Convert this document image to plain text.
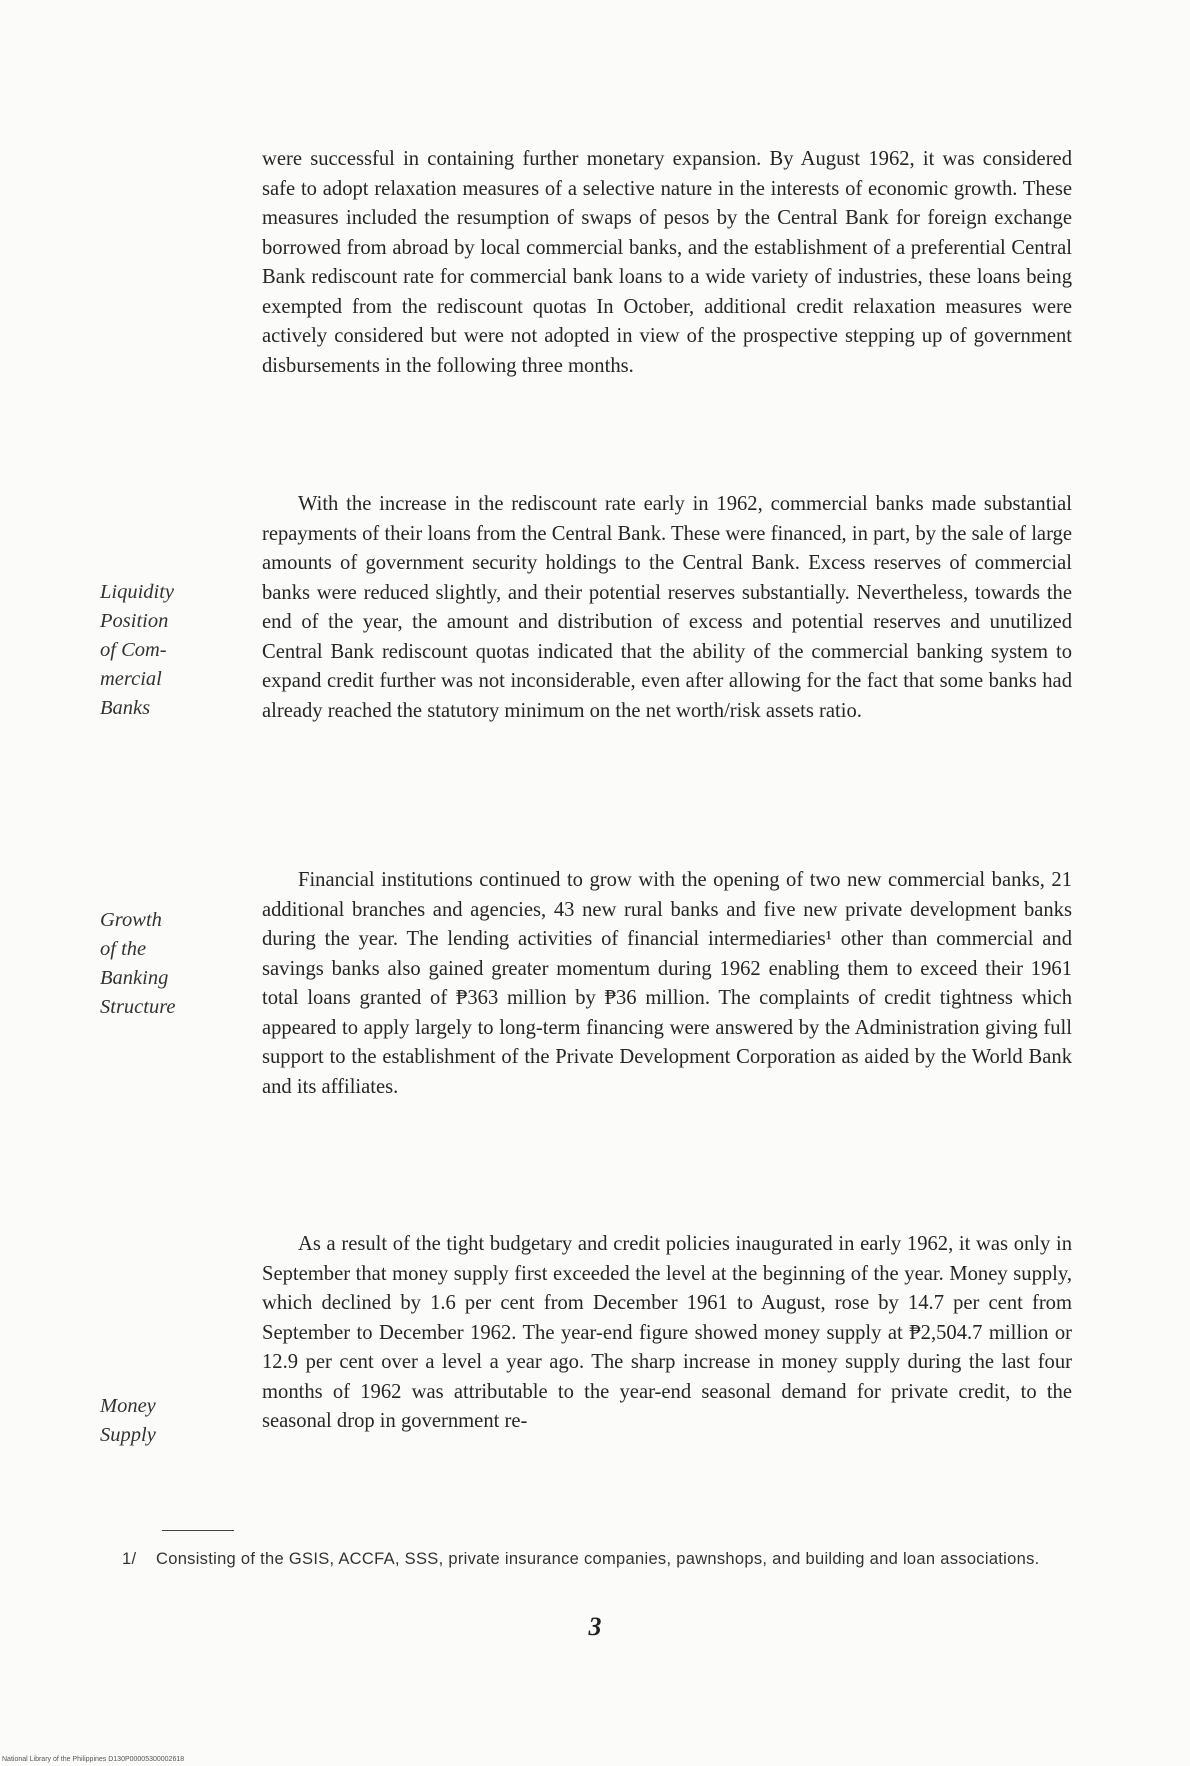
were successful in containing further monetary expansion. By August 1962, it was considered safe to adopt relaxation measures of a selective nature in the interests of economic growth. These measures included the resumption of swaps of pesos by the Central Bank for foreign exchange borrowed from abroad by local commercial banks, and the establishment of a preferential Central Bank rediscount rate for commercial bank loans to a wide variety of industries, these loans being exempted from the rediscount quotas In October, additional credit relaxation measures were actively considered but were not adopted in view of the prospective stepping up of government disbursements in the following three months.

With the increase in the rediscount rate early in 1962, commercial banks made substantial repayments of their loans from the Central Bank. These were financed, in part, by the sale of large amounts of government security holdings to the Central Bank. Excess reserves of commercial banks were reduced slightly, and their potential reserves substantially. Nevertheless, towards the end of the year, the amount and distribution of excess and potential reserves and unutilized Central Bank rediscount quotas indicated that the ability of the commercial banking system to expand credit further was not inconsiderable, even after allowing for the fact that some banks had already reached the statutory minimum on the net worth/risk assets ratio.

Financial institutions continued to grow with the opening of two new commercial banks, 21 additional branches and agencies, 43 new rural banks and five new private development banks during the year. The lending activities of financial intermediaries¹ other than commercial and savings banks also gained greater momentum during 1962 enabling them to exceed their 1961 total loans granted of ₱363 million by ₱36 million. The complaints of credit tightness which appeared to apply largely to long-term financing were answered by the Administration giving full support to the establishment of the Private Development Corporation as aided by the World Bank and its affiliates.

As a result of the tight budgetary and credit policies inaugurated in early 1962, it was only in September that money supply first exceeded the level at the beginning of the year. Money supply, which declined by 1.6 per cent from December 1961 to August, rose by 14.7 per cent from September to December 1962. The year-end figure showed money supply at ₱2,504.7 million or 12.9 per cent over a level a year ago. The sharp increase in money supply during the last four months of 1962 was attributable to the year-end seasonal demand for private credit, to the seasonal drop in government re-

Liquidity
Position
of Com-
mercial
Banks
Growth
of the
Banking
Structure
Money
Supply
1/ Consisting of the GSIS, ACCFA, SSS, private insurance companies, pawnshops, and building and loan associations.
3
National Library of the Philippines D130P00005300002618
